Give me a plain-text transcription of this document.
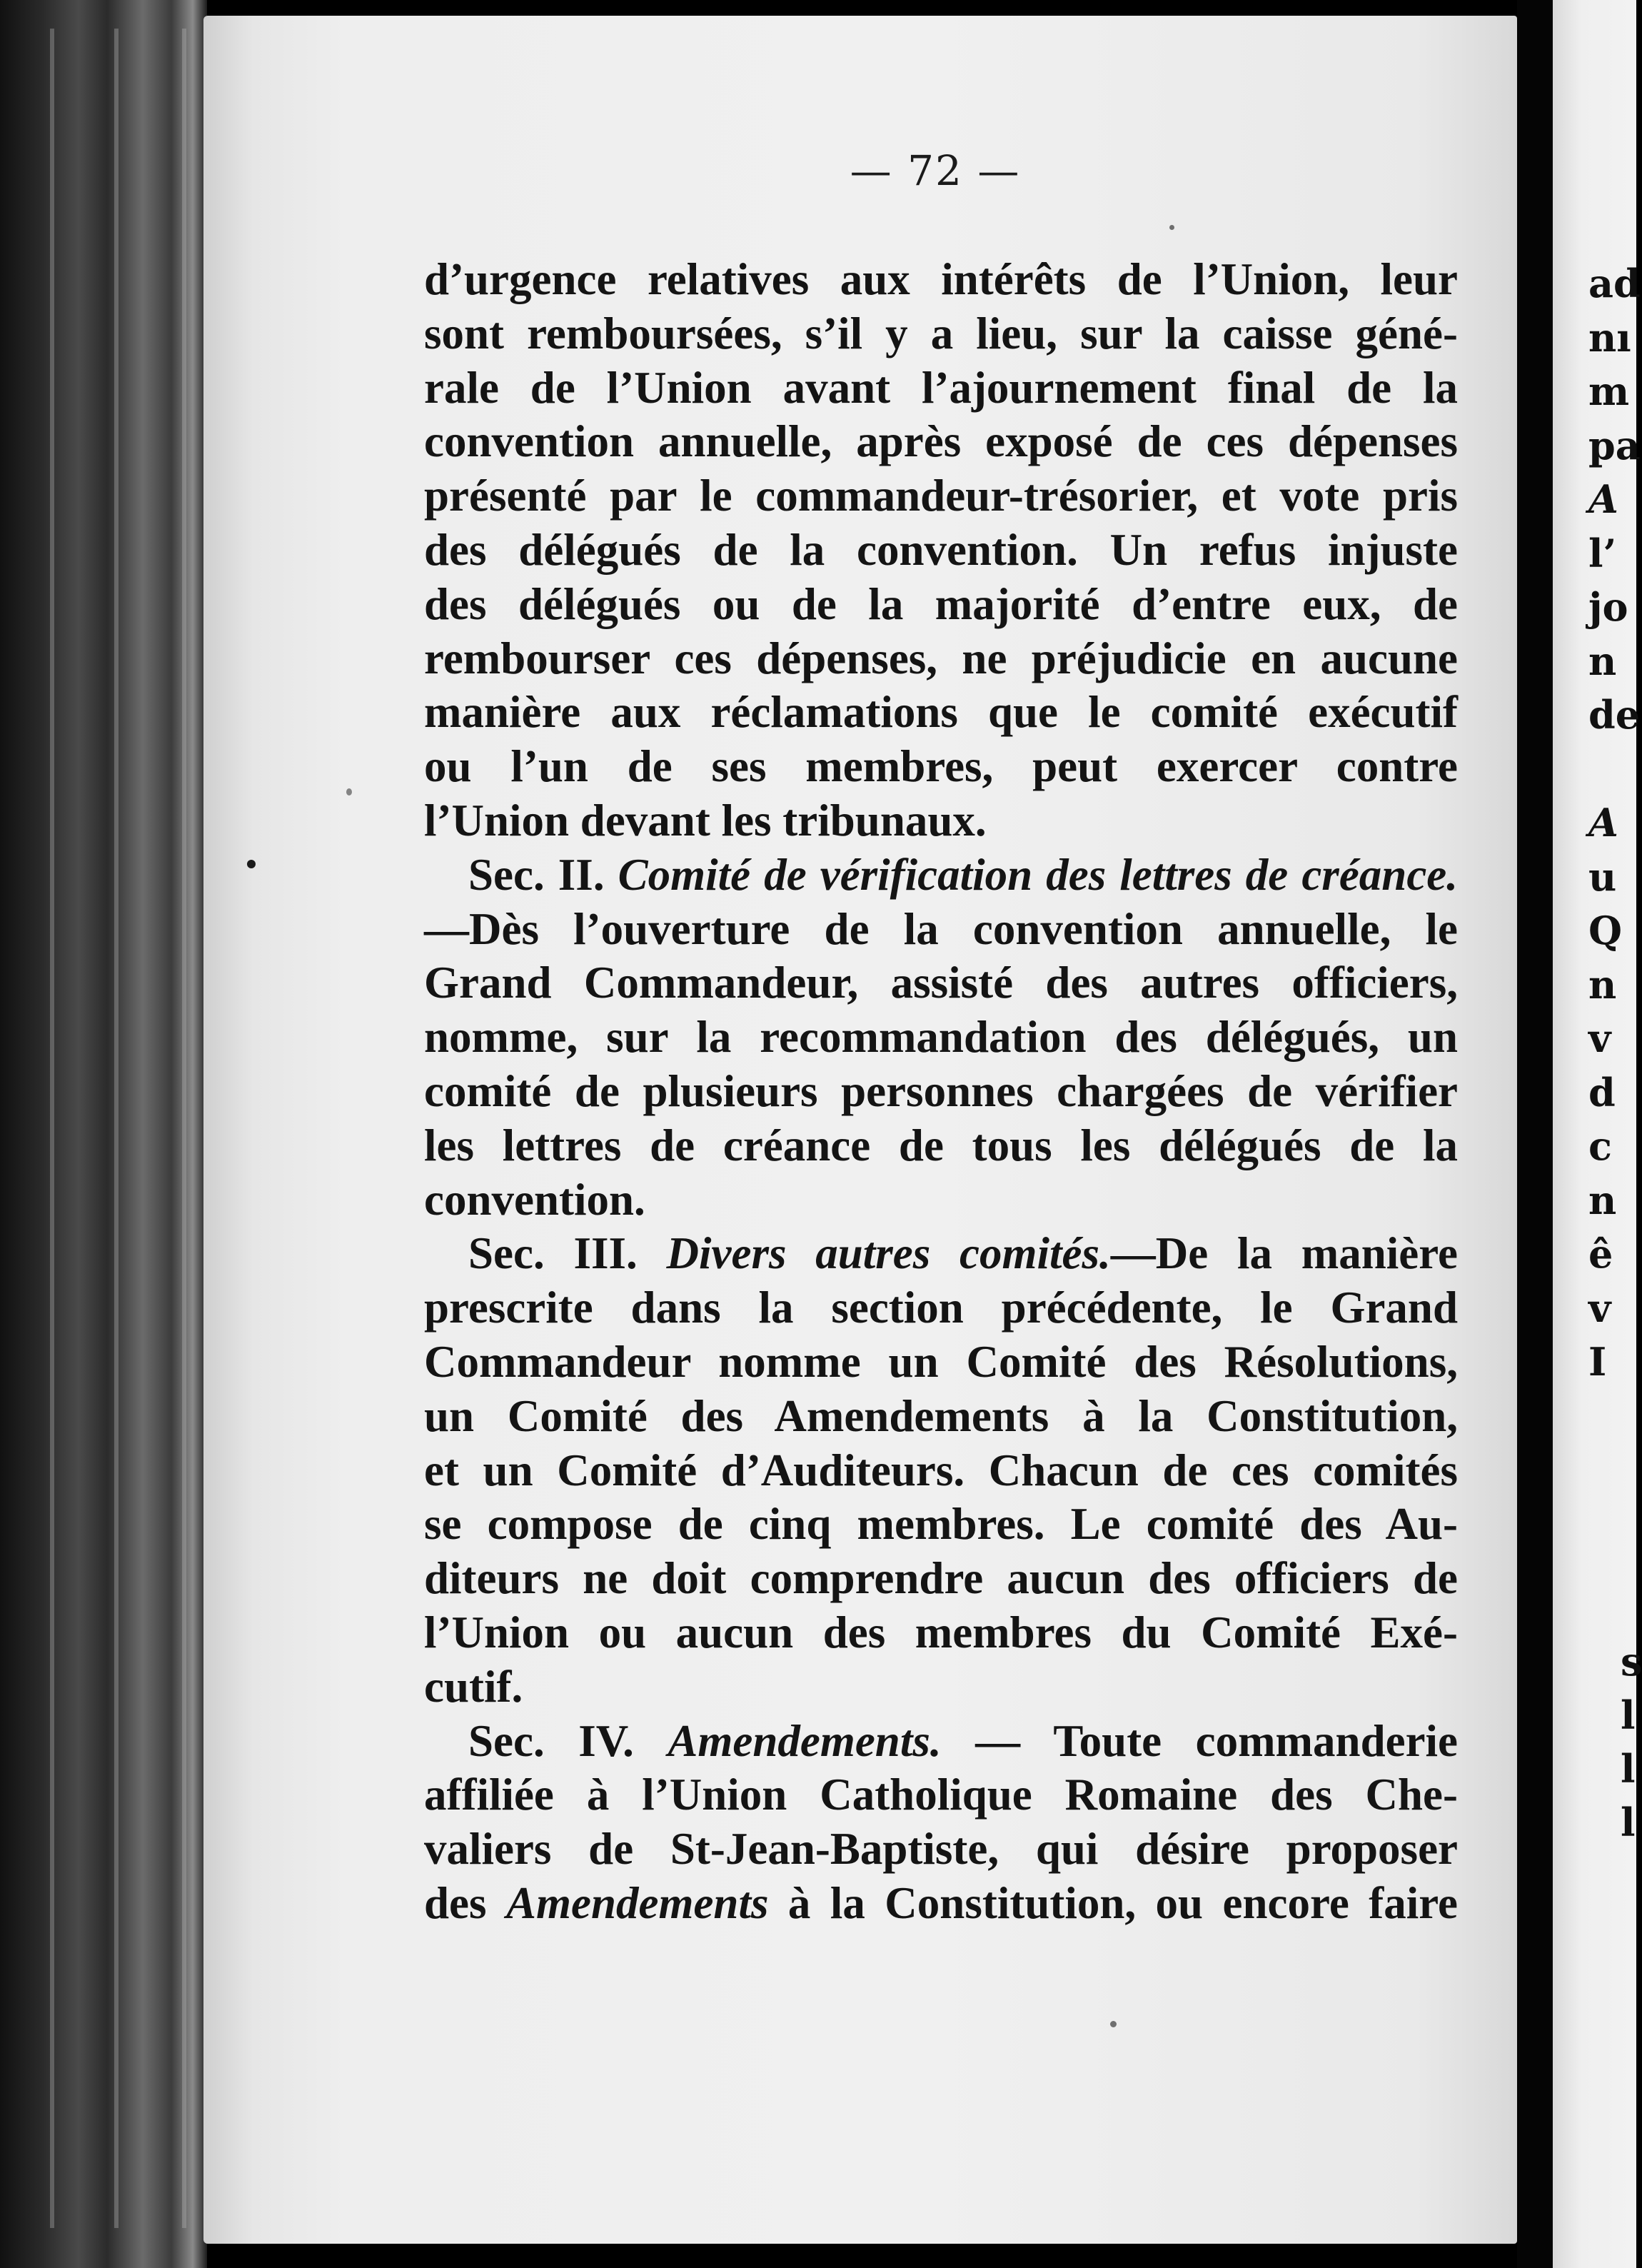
— 72 —
d’urgence relatives aux intérêts de l’Union, leur
sont remboursées, s’il y a lieu, sur la caisse géné-
rale de l’Union avant l’ajournement final de la
convention annuelle, après exposé de ces dépenses
présenté par le commandeur-trésorier, et vote pris
des délégués de la convention. Un refus injuste
des délégués ou de la majorité d’entre eux, de
rembourser ces dépenses, ne préjudicie en aucune
manière aux réclamations que le comité exécutif
ou l’un de ses membres, peut exercer contre
l’Union devant les tribunaux.
Sec. II. Comité de vérification des lettres de créance.
—Dès l’ouverture de la convention annuelle, le
Grand Commandeur, assisté des autres officiers,
nomme, sur la recommandation des délégués, un
comité de plusieurs personnes chargées de vérifier
les lettres de créance de tous les délégués de la
convention.
Sec. III. Divers autres comités.—De la manière
prescrite dans la section précédente, le Grand
Commandeur nomme un Comité des Résolutions,
un Comité des Amendements à la Constitution,
et un Comité d’Auditeurs. Chacun de ces comités
se compose de cinq membres. Le comité des Au-
diteurs ne doit comprendre aucun des officiers de
l’Union ou aucun des membres du Comité Exé-
cutif.
Sec. IV. Amendements. — Toute commanderie
affiliée à l’Union Catholique Romaine des Che-
valiers de St-Jean-Baptiste, qui désire proposer
des Amendements à la Constitution, ou encore faire
ad
nı
m
pa
A
l’
jo
n
de

A
u
Q
n
v
d
c
n
ê
v
I
s
l
l
l
